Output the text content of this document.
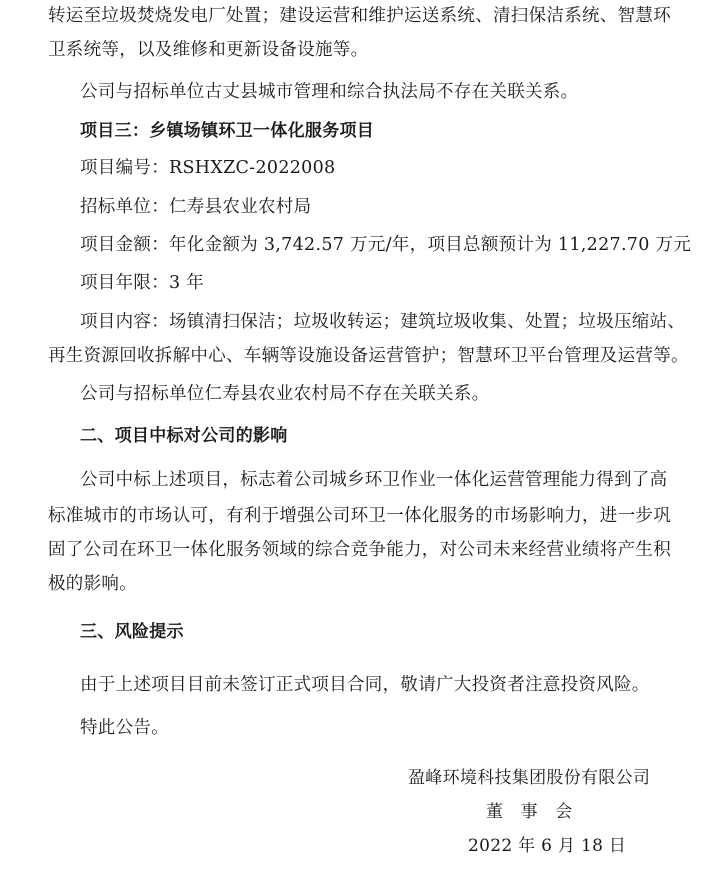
转运至垃圾焚烧发电厂处置；建设运营和维护运送系统、清扫保洁系统、智慧环
卫系统等，以及维修和更新设备设施等。
公司与招标单位古丈县城市管理和综合执法局不存在关联关系。
项目三：乡镇场镇环卫一体化服务项目
项目编号：RSHXZC-2022008
招标单位：仁寿县农业农村局
项目金额：年化金额为 3,742.57 万元/年，项目总额预计为 11,227.70 万元
项目年限：3 年
项目内容：场镇清扫保洁；垃圾收转运；建筑垃圾收集、处置；垃圾压缩站、
再生资源回收拆解中心、车辆等设施设备运营管护；智慧环卫平台管理及运营等。
公司与招标单位仁寿县农业农村局不存在关联关系。
二、项目中标对公司的影响
公司中标上述项目，标志着公司城乡环卫作业一体化运营管理能力得到了高
标准城市的市场认可，有利于增强公司环卫一体化服务的市场影响力，进一步巩
固了公司在环卫一体化服务领域的综合竞争能力，对公司未来经营业绩将产生积
极的影响。
三、风险提示
由于上述项目目前未签订正式项目合同，敬请广大投资者注意投资风险。
特此公告。
盈峰环境科技集团股份有限公司
董　事　会
2022 年 6 月 18 日
